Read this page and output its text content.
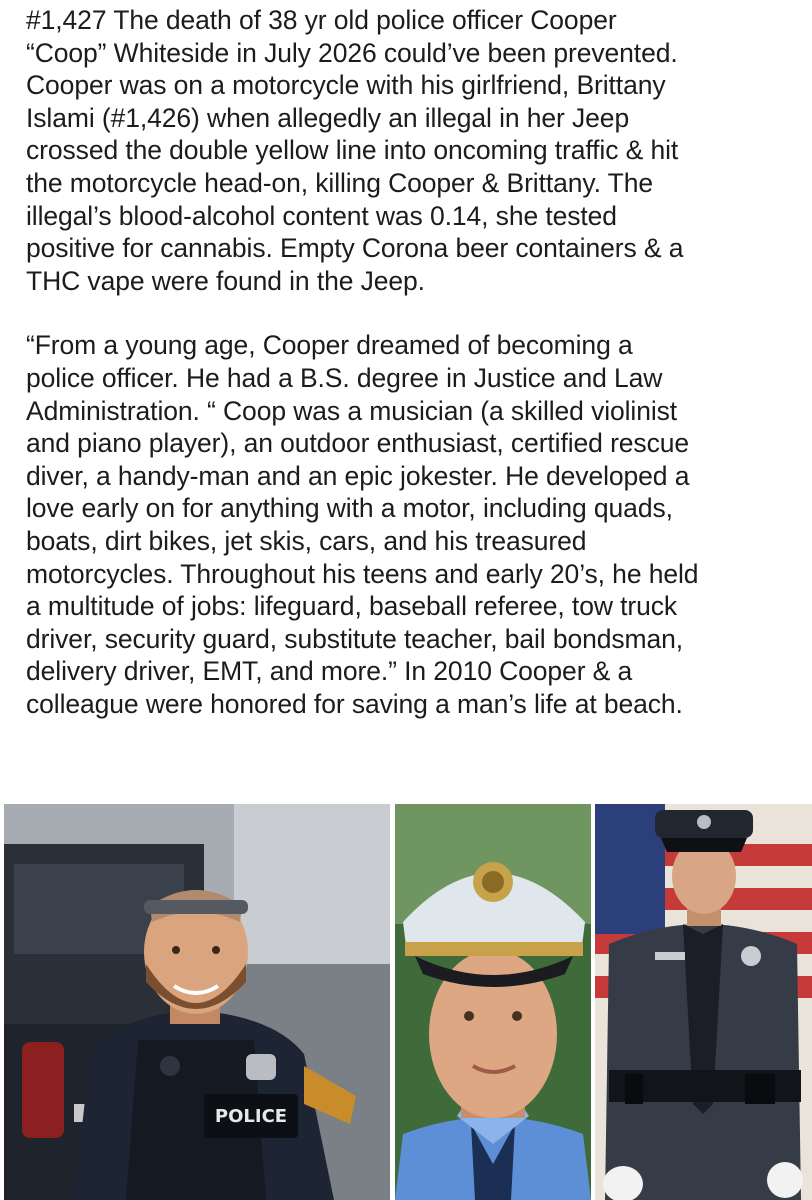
#1,427 The death of 38 yr old police officer Cooper
“Coop” Whiteside in July 2026 could’ve been prevented.
Cooper was on a motorcycle with his girlfriend, Brittany
Islami (#1,426) when allegedly an illegal in her Jeep
crossed the double yellow line into oncoming traffic & hit
the motorcycle head-on, killing Cooper & Brittany. The
illegal’s blood-alcohol content was 0.14, she tested
positive for cannabis. Empty Corona beer containers & a
THC vape were found in the Jeep.

“From a young age, Cooper dreamed of becoming a
police officer. He had a B.S. degree in Justice and Law
Administration. “ Coop was a musician (a skilled violinist
and piano player), an outdoor enthusiast, certified rescue
diver, a handy-man and an epic jokester. He developed a
love early on for anything with a motor, including quads,
boats, dirt bikes, jet skis, cars, and his treasured
motorcycles. Throughout his teens and early 20’s, he held
a multitude of jobs: lifeguard, baseball referee, tow truck
driver, security guard, substitute teacher, bail bondsman,
delivery driver, EMT, and more.” In 2010 Cooper & a
colleague were honored for saving a man’s life at beach.

POLICE
